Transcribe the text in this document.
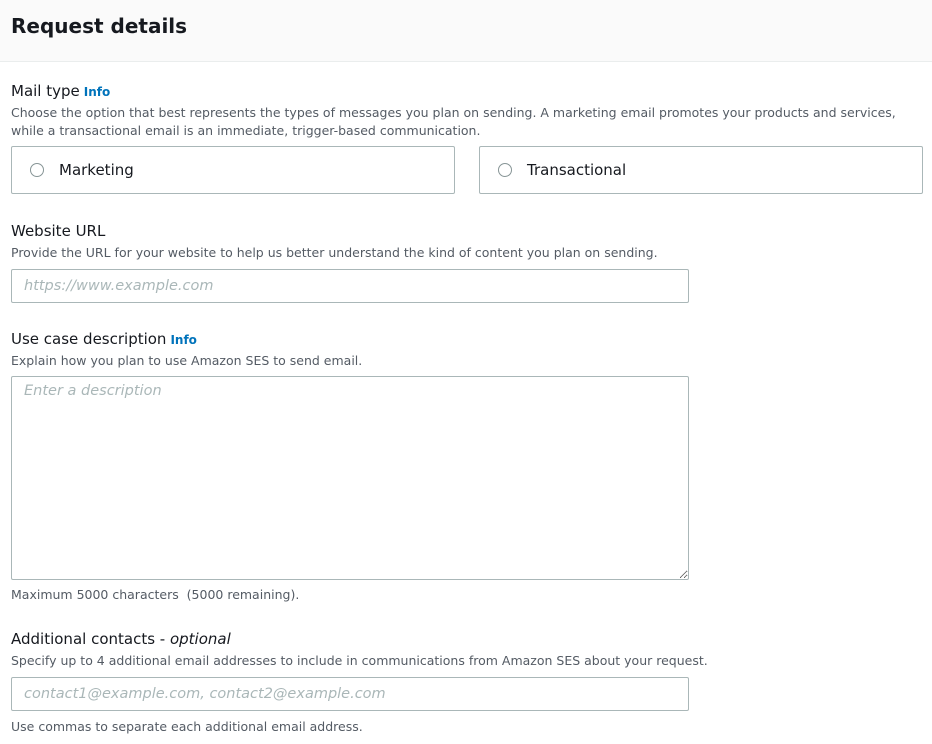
Request details
Mail type Info
Choose the option that best represents the types of messages you plan on sending. A marketing email promotes your products and services, while a transactional email is an immediate, trigger-based communication.
Marketing	Transactional
Website URL
Provide the URL for your website to help us better understand the kind of content you plan on sending.
https://www.example.com
Use case description Info
Explain how you plan to use Amazon SES to send email.
Enter a description
Maximum 5000 characters  (5000 remaining).
Additional contacts - optional
Specify up to 4 additional email addresses to include in communications from Amazon SES about your request.
contact1@example.com, contact2@example.com
Use commas to separate each additional email address.
